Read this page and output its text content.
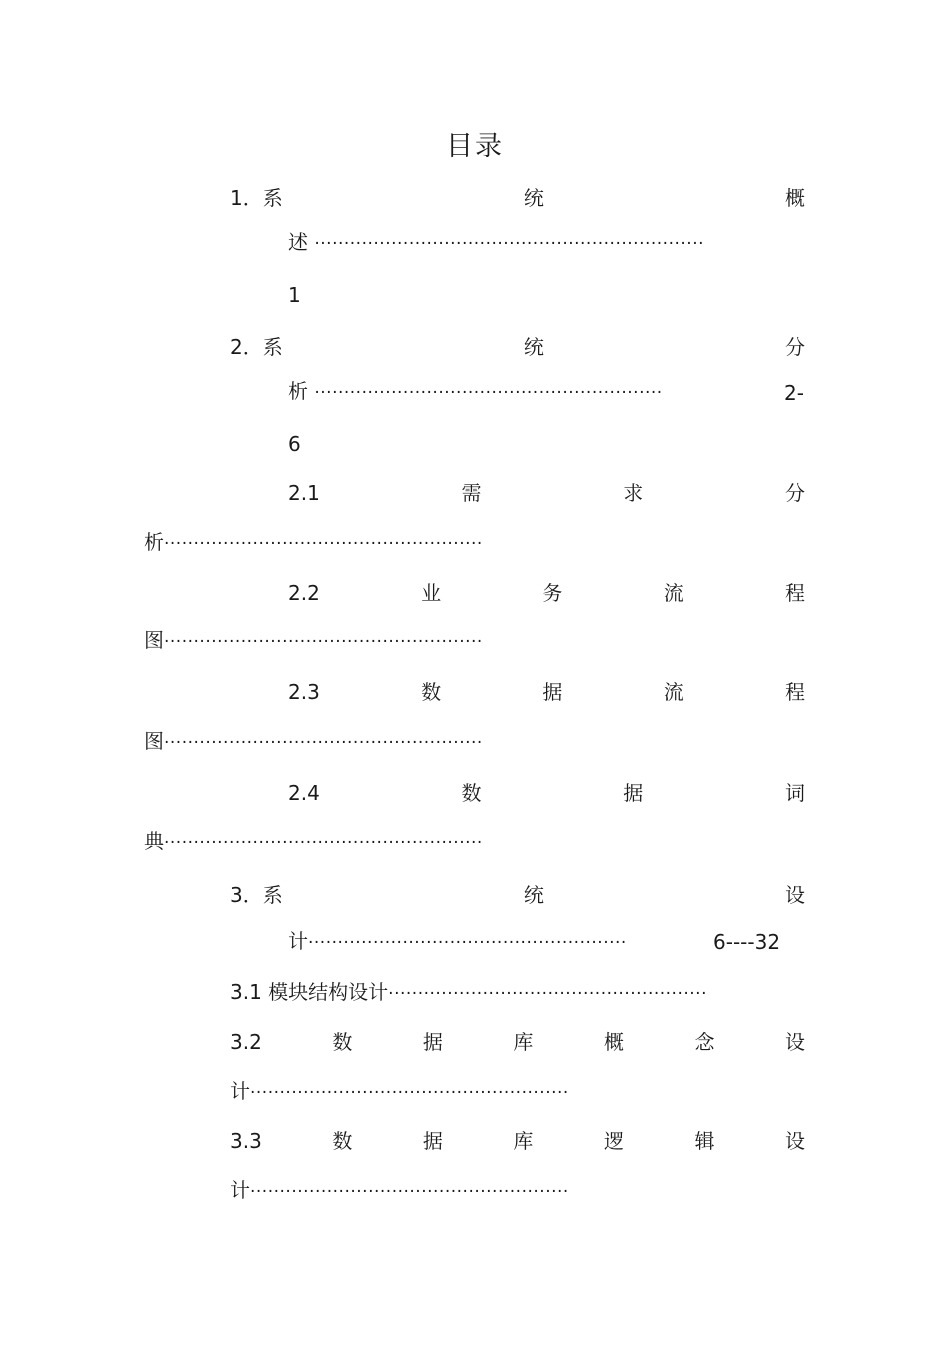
目录
1．系	统	概
述 ··································································
1
2．系	统	分
析 ···························································	2-
6
2.1	需	求	分
析······················································
2.2	业	务	流	程
图······················································
2.3	数	据	流	程
图······················································
2.4	数	据	词
典······················································
3．系	统	设
计······················································	6----32
3.1 模块结构设计······················································
3.2	数	据	库	概	念	设
计······················································
3.3	数	据	库	逻	辑	设
计······················································
